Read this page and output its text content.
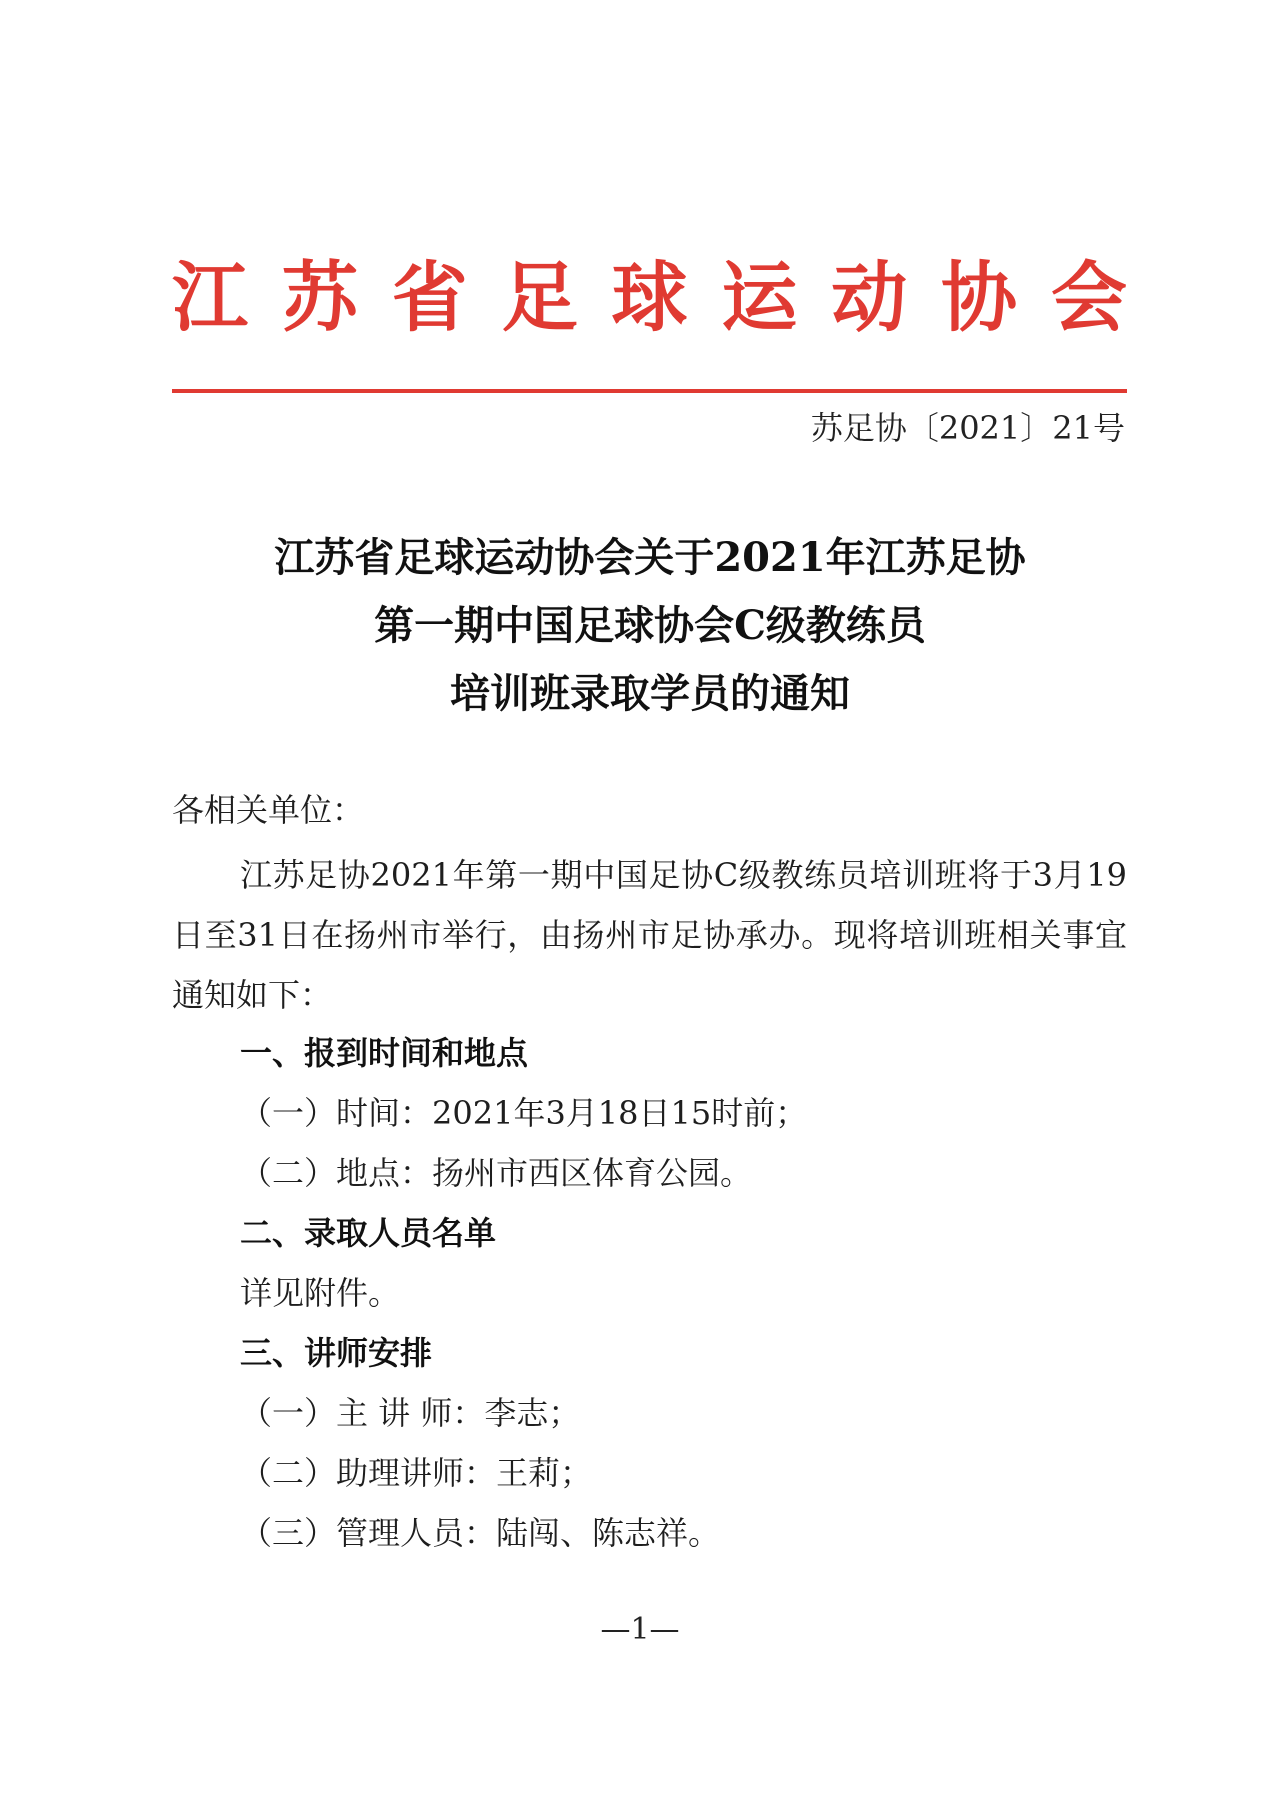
江苏省足球运动协会
苏足协〔2021〕21号
江苏省足球运动协会关于2021年江苏足协
第一期中国足球协会C级教练员
培训班录取学员的通知
各相关单位：
江苏足协2021年第一期中国足协C级教练员培训班将于3月19日至31日在扬州市举行，由扬州市足协承办。现将培训班相关事宜通知如下：
一、报到时间和地点
（一）时间：2021年3月18日15时前；
（二）地点：扬州市西区体育公园。
二、录取人员名单
详见附件。
三、讲师安排
（一）主 讲 师：李志；
（二）助理讲师：王莉；
（三）管理人员：陆闯、陈志祥。
—1—
